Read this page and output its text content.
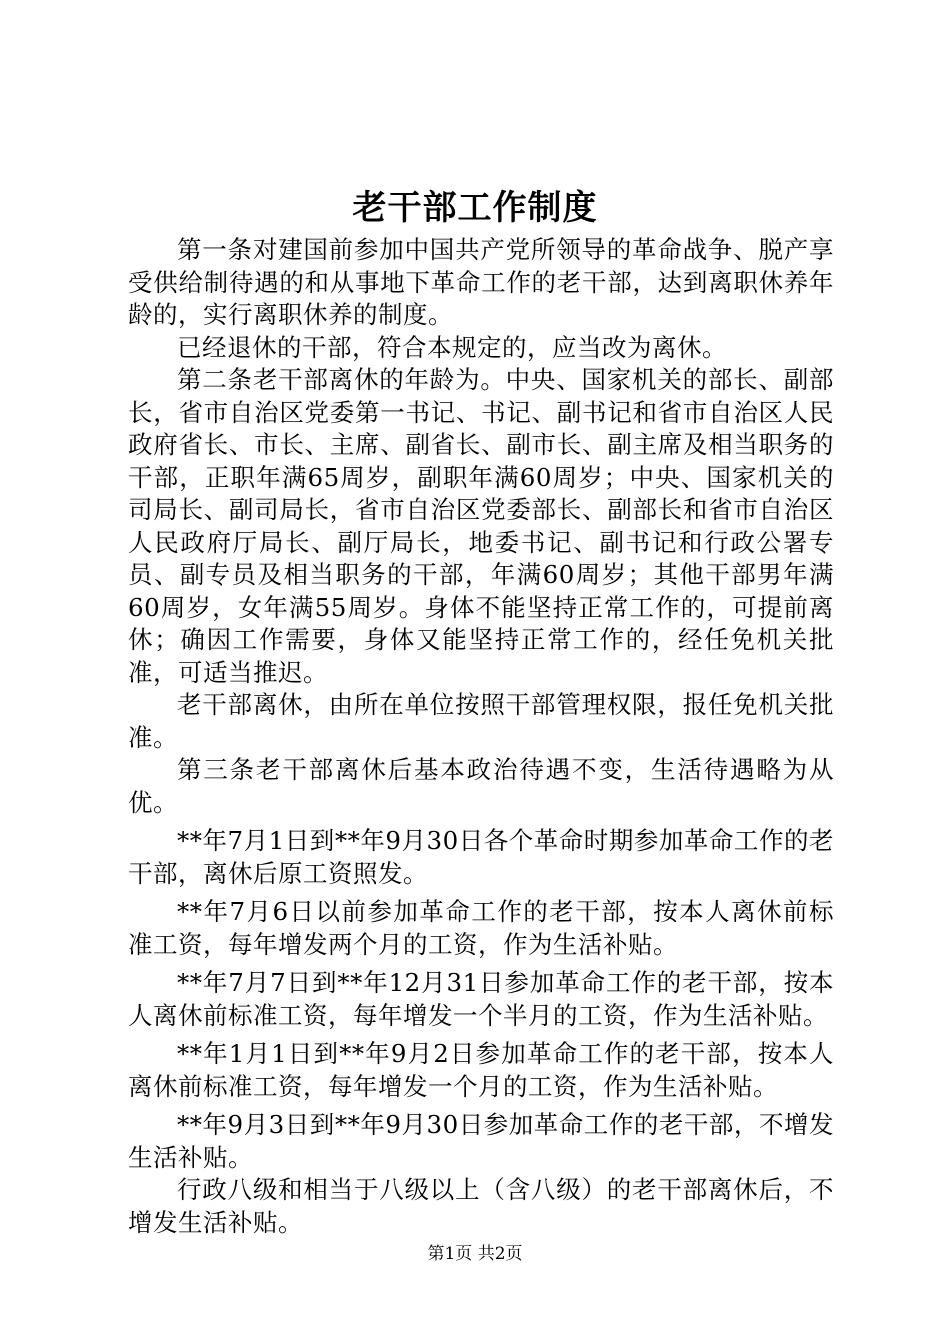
老干部工作制度

第一条对建国前参加中国共产党所领导的革命战争、脱产享受供给制待遇的和从事地下革命工作的老干部，达到离职休养年龄的，实行离职休养的制度。

已经退休的干部，符合本规定的，应当改为离休。

第二条老干部离休的年龄为。中央、国家机关的部长、副部长，省市自治区党委第一书记、书记、副书记和省市自治区人民政府省长、市长、主席、副省长、副市长、副主席及相当职务的干部，正职年满65周岁，副职年满60周岁；中央、国家机关的司局长、副司局长，省市自治区党委部长、副部长和省市自治区人民政府厅局长、副厅局长，地委书记、副书记和行政公署专员、副专员及相当职务的干部，年满60周岁；其他干部男年满60周岁，女年满55周岁。身体不能坚持正常工作的，可提前离休；确因工作需要，身体又能坚持正常工作的，经任免机关批准，可适当推迟。

老干部离休，由所在单位按照干部管理权限，报任免机关批准。

第三条老干部离休后基本政治待遇不变，生活待遇略为从优。

**年7月1日到**年9月30日各个革命时期参加革命工作的老干部，离休后原工资照发。

**年7月6日以前参加革命工作的老干部，按本人离休前标准工资，每年增发两个月的工资，作为生活补贴。

**年7月7日到**年12月31日参加革命工作的老干部，按本人离休前标准工资，每年增发一个半月的工资，作为生活补贴。

**年1月1日到**年9月2日参加革命工作的老干部，按本人离休前标准工资，每年增发一个月的工资，作为生活补贴。

**年9月3日到**年9月30日参加革命工作的老干部，不增发生活补贴。

行政八级和相当于八级以上（含八级）的老干部离休后，不增发生活补贴。

第1页 共2页
